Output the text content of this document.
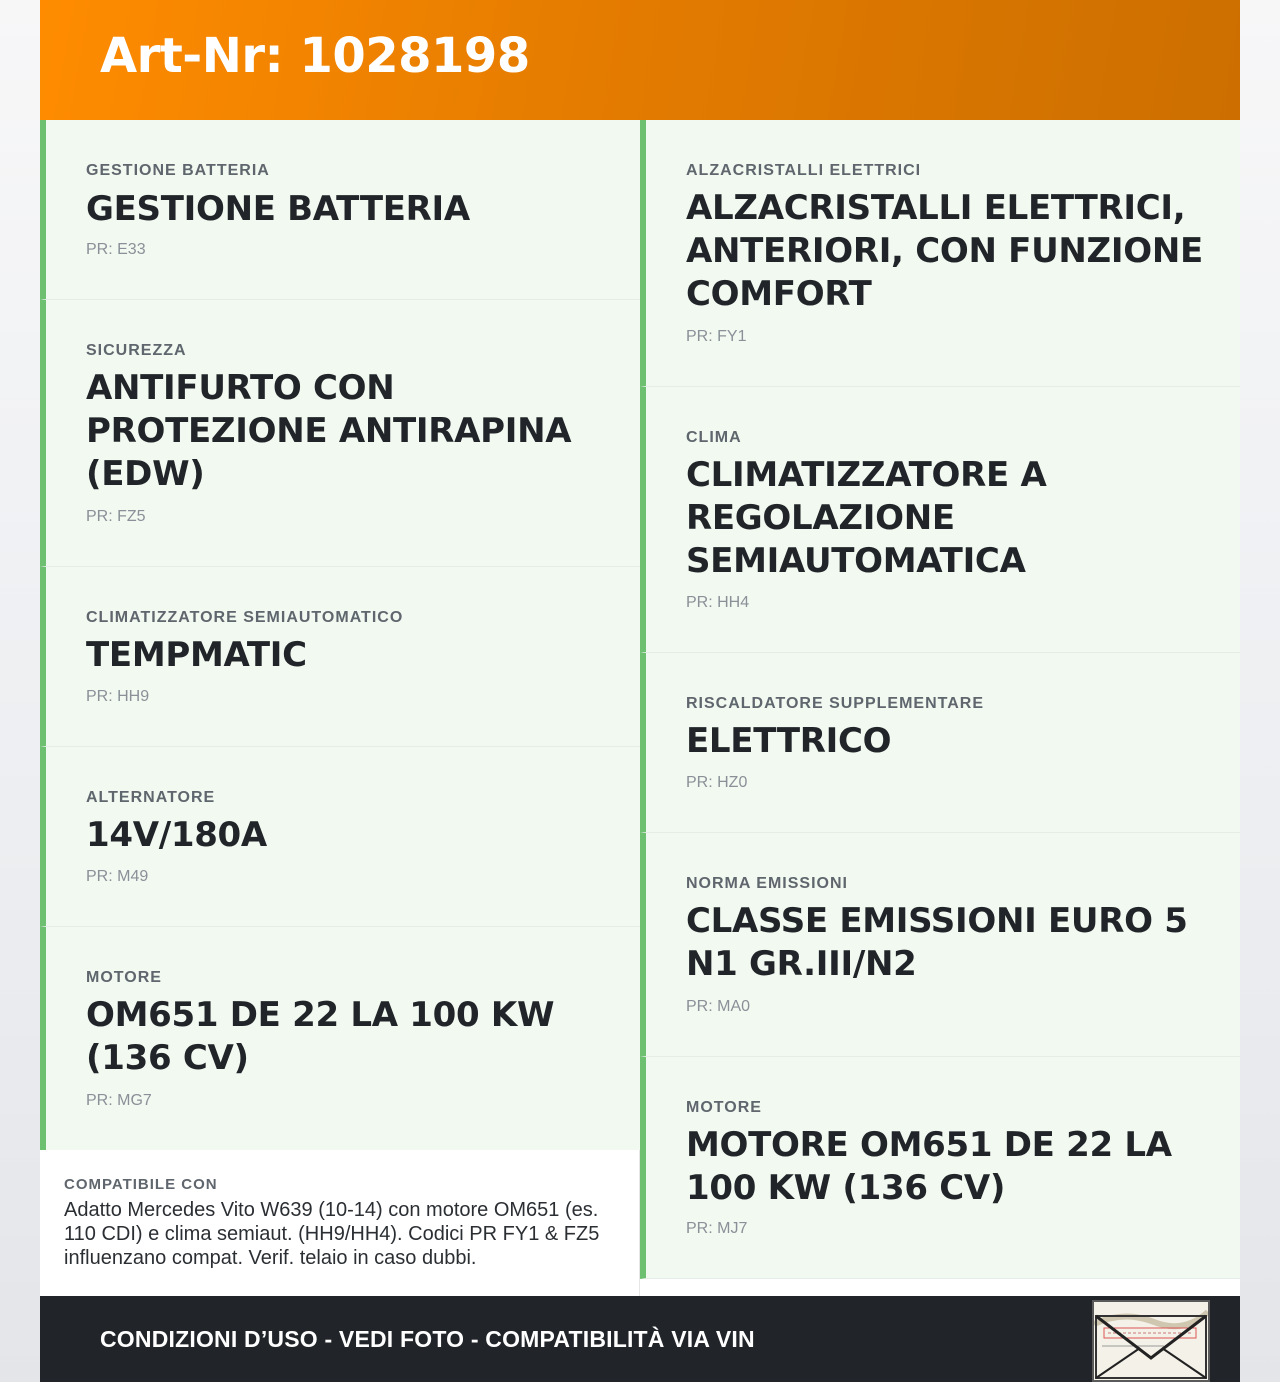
Art-Nr: 1028198
GESTIONE BATTERIA
GESTIONE BATTERIA
PR: E33
SICUREZZA
ANTIFURTO CON PROTEZIONE ANTIRAPINA (EDW)
PR: FZ5
CLIMATIZZATORE SEMIAUTOMATICO
TEMPMATIC
PR: HH9
ALTERNATORE
14V/180A
PR: M49
MOTORE
OM651 DE 22 LA 100 KW (136 CV)
PR: MG7
COMPATIBILE CON
Adatto Mercedes Vito W639 (10-14) con motore OM651 (es. 110 CDI) e clima semiaut. (HH9/HH4). Codici PR FY1 & FZ5 influenzano compat. Verif. telaio in caso dubbi.
ALZACRISTALLI ELETTRICI
ALZACRISTALLI ELETTRICI, ANTERIORI, CON FUNZIONE COMFORT
PR: FY1
CLIMA
CLIMATIZZATORE A REGOLAZIONE SEMIAUTOMATICA
PR: HH4
RISCALDATORE SUPPLEMENTARE
ELETTRICO
PR: HZ0
NORMA EMISSIONI
CLASSE EMISSIONI EURO 5 N1 GR.III/N2
PR: MA0
MOTORE
MOTORE OM651 DE 22 LA 100 KW (136 CV)
PR: MJ7
CONDIZIONI D’USO - VEDI FOTO - COMPATIBILITÀ VIA VIN
